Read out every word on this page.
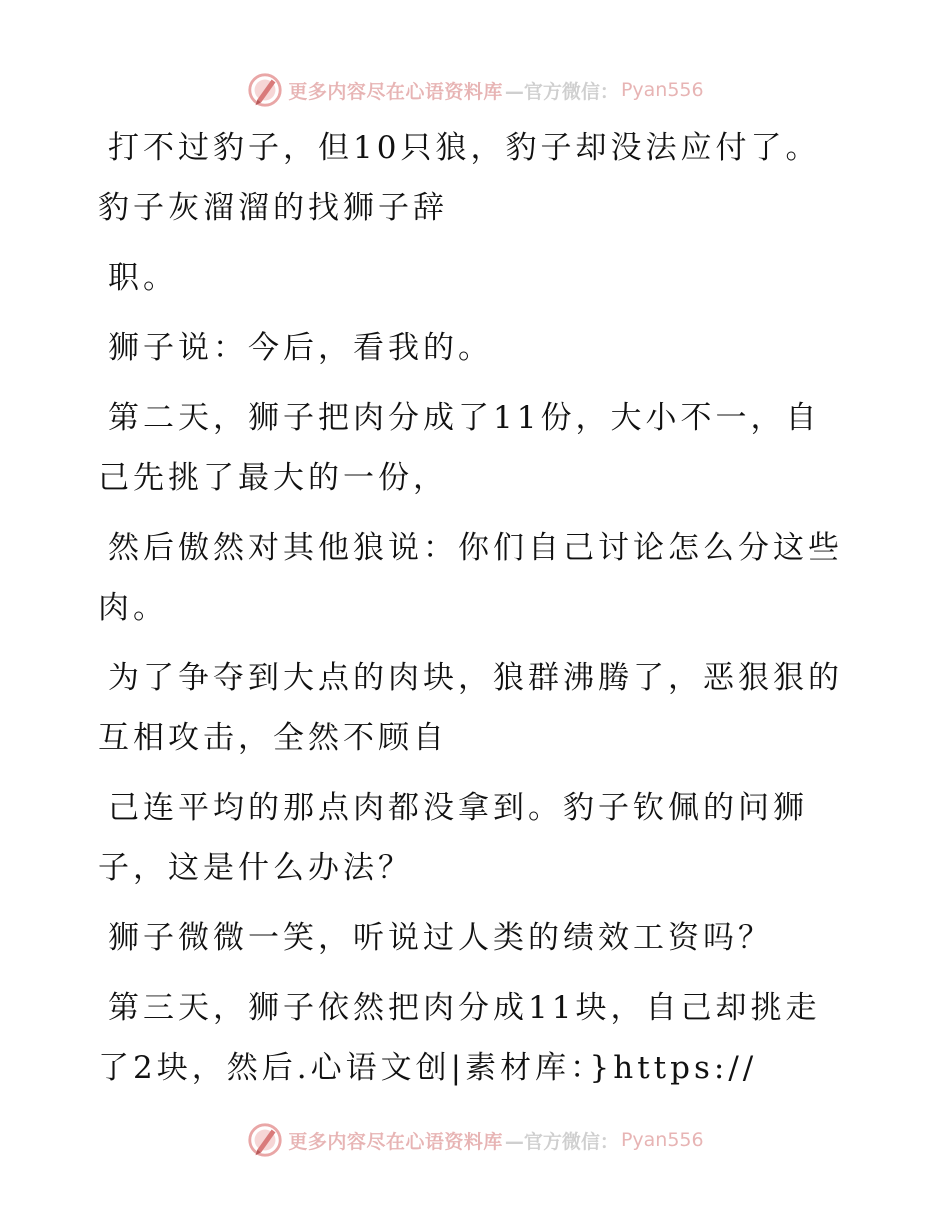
更多内容尽在心语资料库 —官方微信： Pyan556

打不过豹子，但10只狼，豹子却没法应付了。豹子灰溜溜的找狮子辞

职。

狮子说：今后，看我的。

第二天，狮子把肉分成了11份，大小不一，自己先挑了最大的一份，

然后傲然对其他狼说：你们自己讨论怎么分这些肉。

为了争夺到大点的肉块，狼群沸腾了，恶狠狠的互相攻击，全然不顾自

己连平均的那点肉都没拿到。豹子钦佩的问狮子，这是什么办法？

狮子微微一笑，听说过人类的绩效工资吗？

第三天，狮子依然把肉分成11块，自己却挑走了2块，然后.心语文创|素材库：}https://

更多内容尽在心语资料库 —官方微信： Pyan556
